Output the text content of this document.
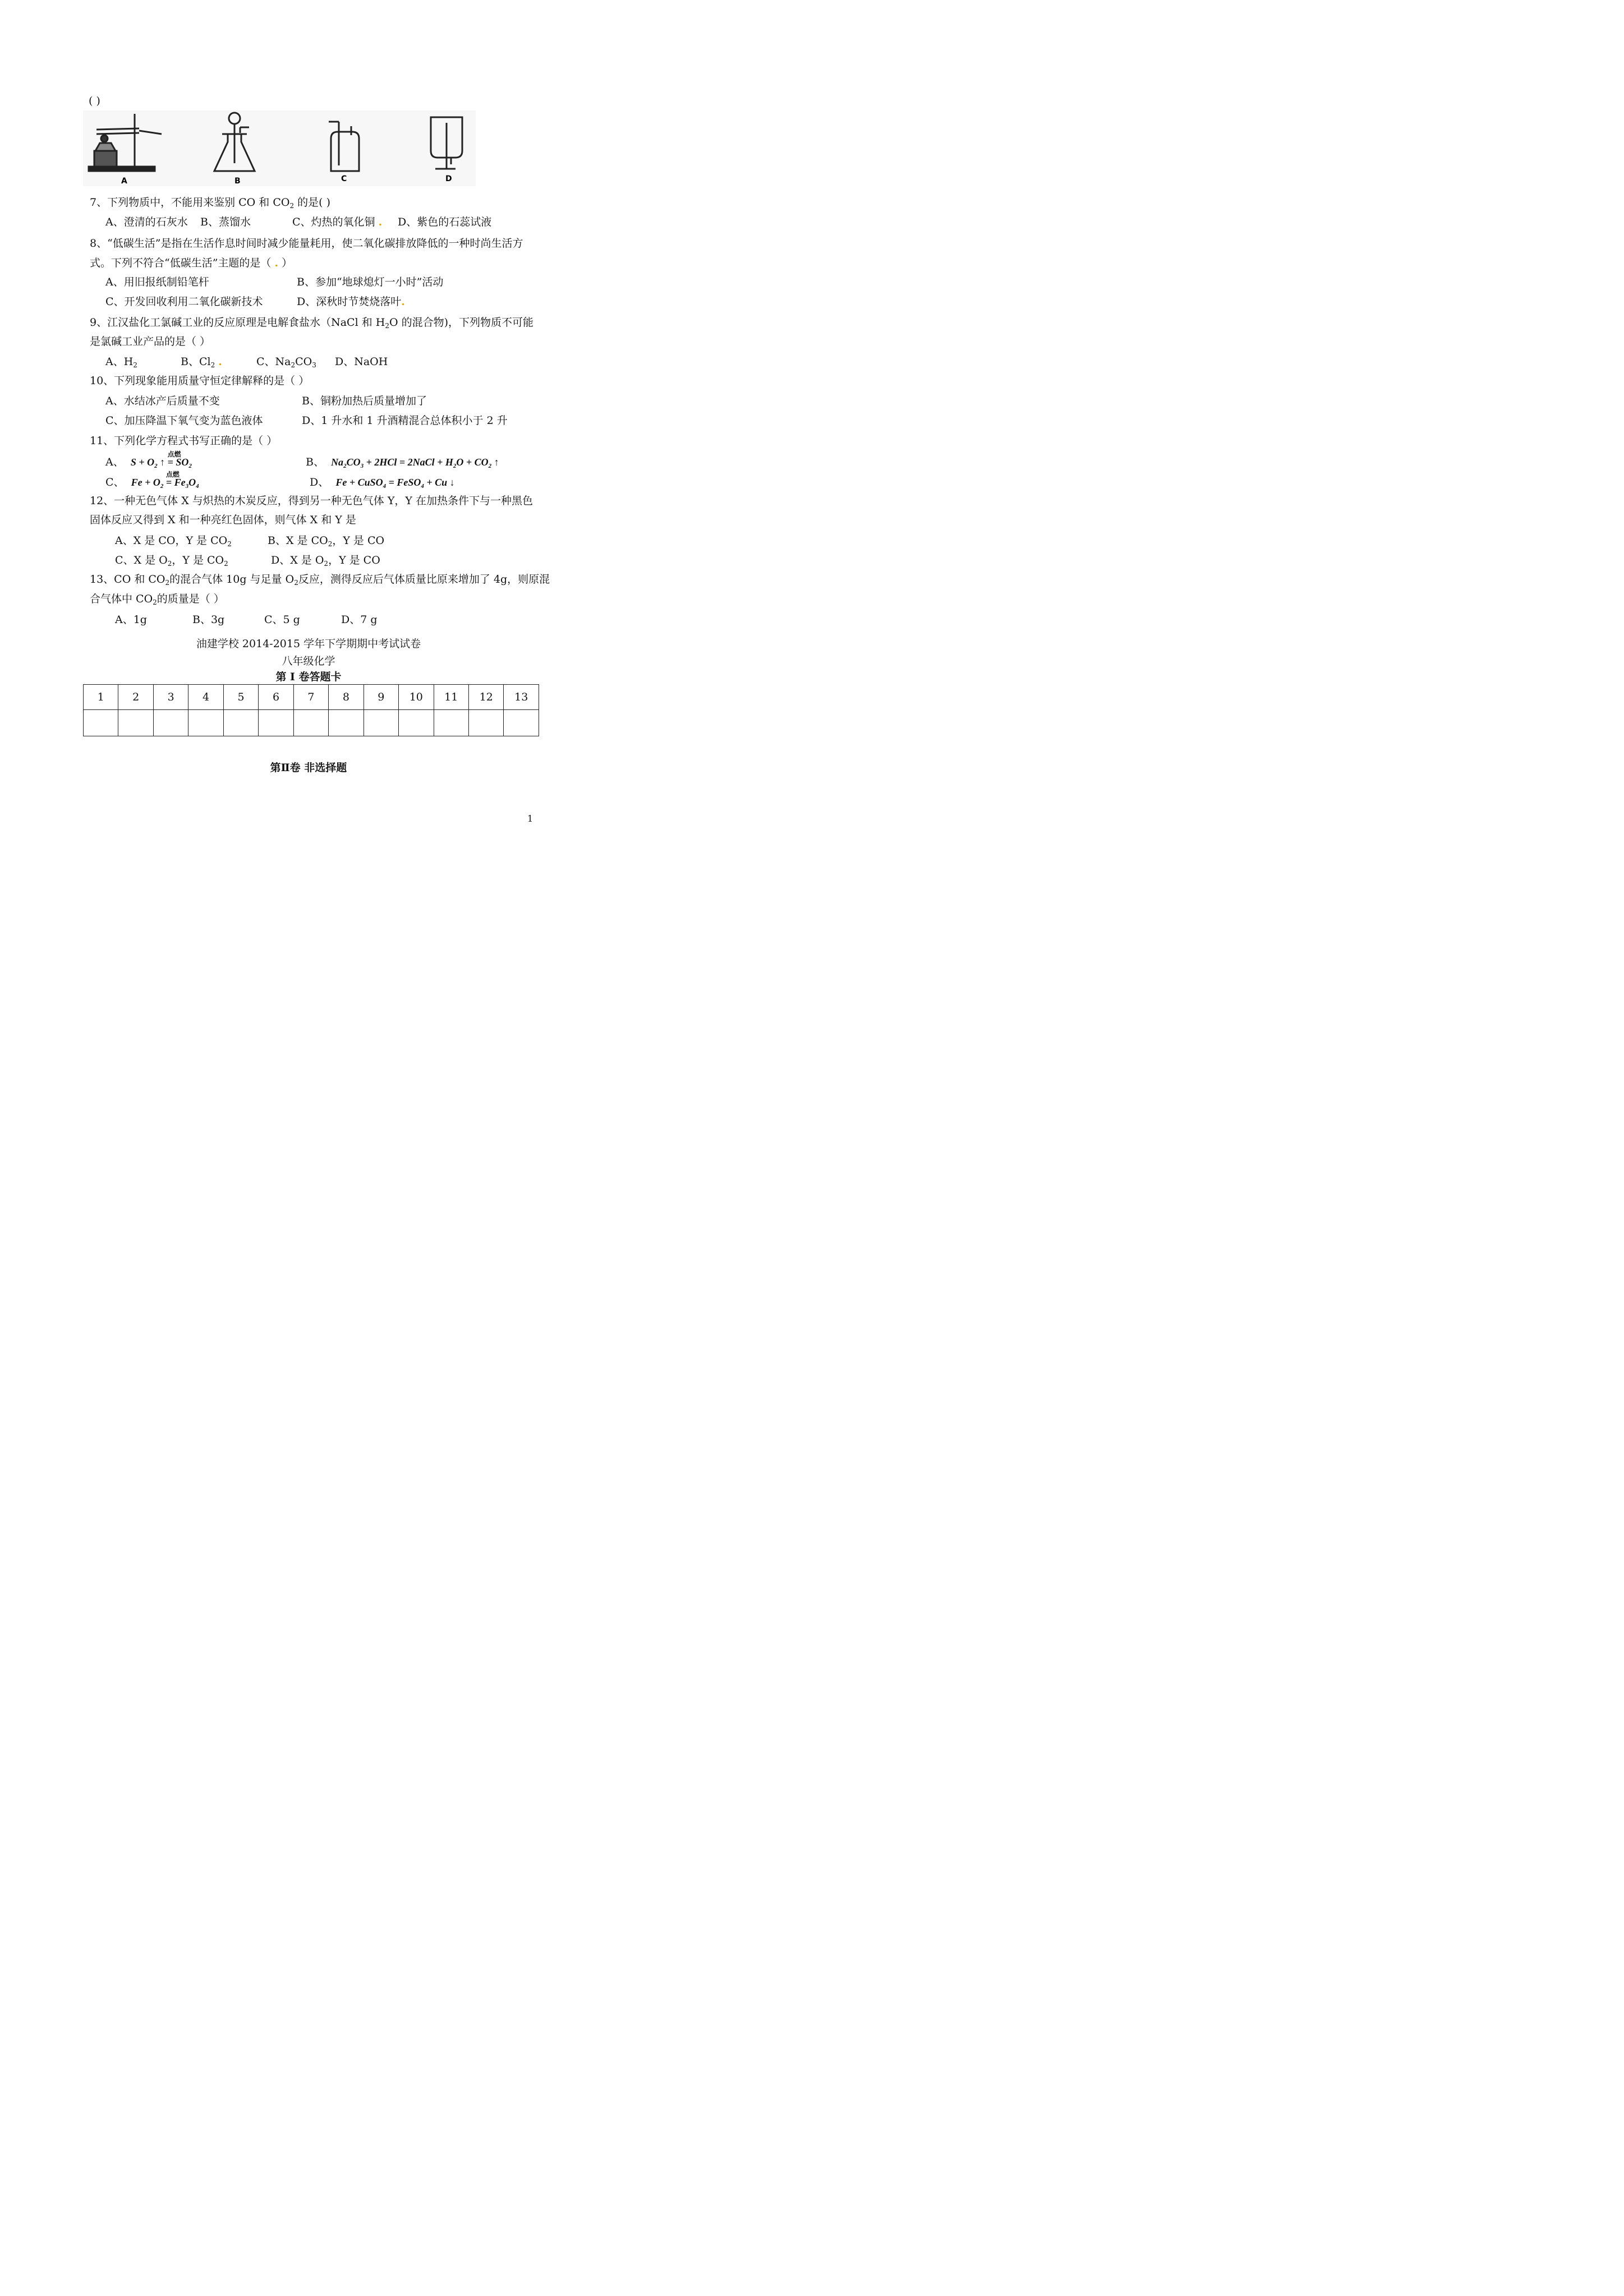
( )
A	B	C	D
7、下列物质中，不能用来鉴别 CO 和 $CO_2$ 的是( )
A、澄清的石灰水 B、蒸馏水	C、灼热的氧化铜 . D、紫色的石蕊试液
8、“低碳生活”是指在生活作息时间时减少能量耗用，使二氧化碳排放降低的一种时尚生活方
式。下列不符合“低碳生活”主题的是（ . ）
A、用旧报纸制铅笔杆	B、参加“地球熄灯一小时”活动
C、开发回收利用二氧化碳新技术	D、深秋时节焚烧落叶.
9、江汉盐化工氯碱工业的反应原理是电解食盐水（NaCl 和 $H_2O$ 的混合物)，下列物质不可能
是氯碱工业产品的是（ ）
A、$H_2$	B、$Cl_2$ .	C、$Na_2CO_3$ D、NaOH
10、下列现象能用质量守恒定律解释的是（ ）
A、水结冰产后质量不变	B、铜粉加热后质量增加了
C、加压降温下氧气变为蓝色液体	D、1 升水和 1 升酒精混合总体积小于 2 升
11、下列化学方程式书写正确的是（ ）
A、 $S + O_2$ ↑
点燃
= $SO_2$	B、 $Na_2CO_3 + 2HCl$ = 2NaCl + $H_2O + CO_2$ ↑
C、 $Fe + O_2$
点燃
= $Fe_3O_4$	D、 Fe + CuSO$_4$ = FeSO$_4$ + Cu ↓
12、一种无色气体 X 与炽热的木炭反应，得到另一种无色气体 Y，Y 在加热条件下与一种黑色
固体反应又得到 X 和一种亮红色固体，则气体 X 和 Y 是
A、X 是 CO，Y 是 $CO_2$	B、X 是 $CO_2$，Y 是 CO
C、X 是 $O_2$，Y 是 $CO_2$	D、X 是 $O_2$，Y 是 CO
13、CO 和 $CO_2$的混合气体 10g 与足量 $O_2$反应，测得反应后气体质量比原来增加了 4g，则原混
合气体中 $CO_2$的质量是（ ）
A、1g	B、3g	C、5 g	D、7 g
油建学校 2014-2015 学年下学期期中考试试卷
八年级化学
第 I 卷答题卡
1	2	3	4	5	6	7	8	9	10	11	12	13

第Ⅱ卷 非选择题
1
